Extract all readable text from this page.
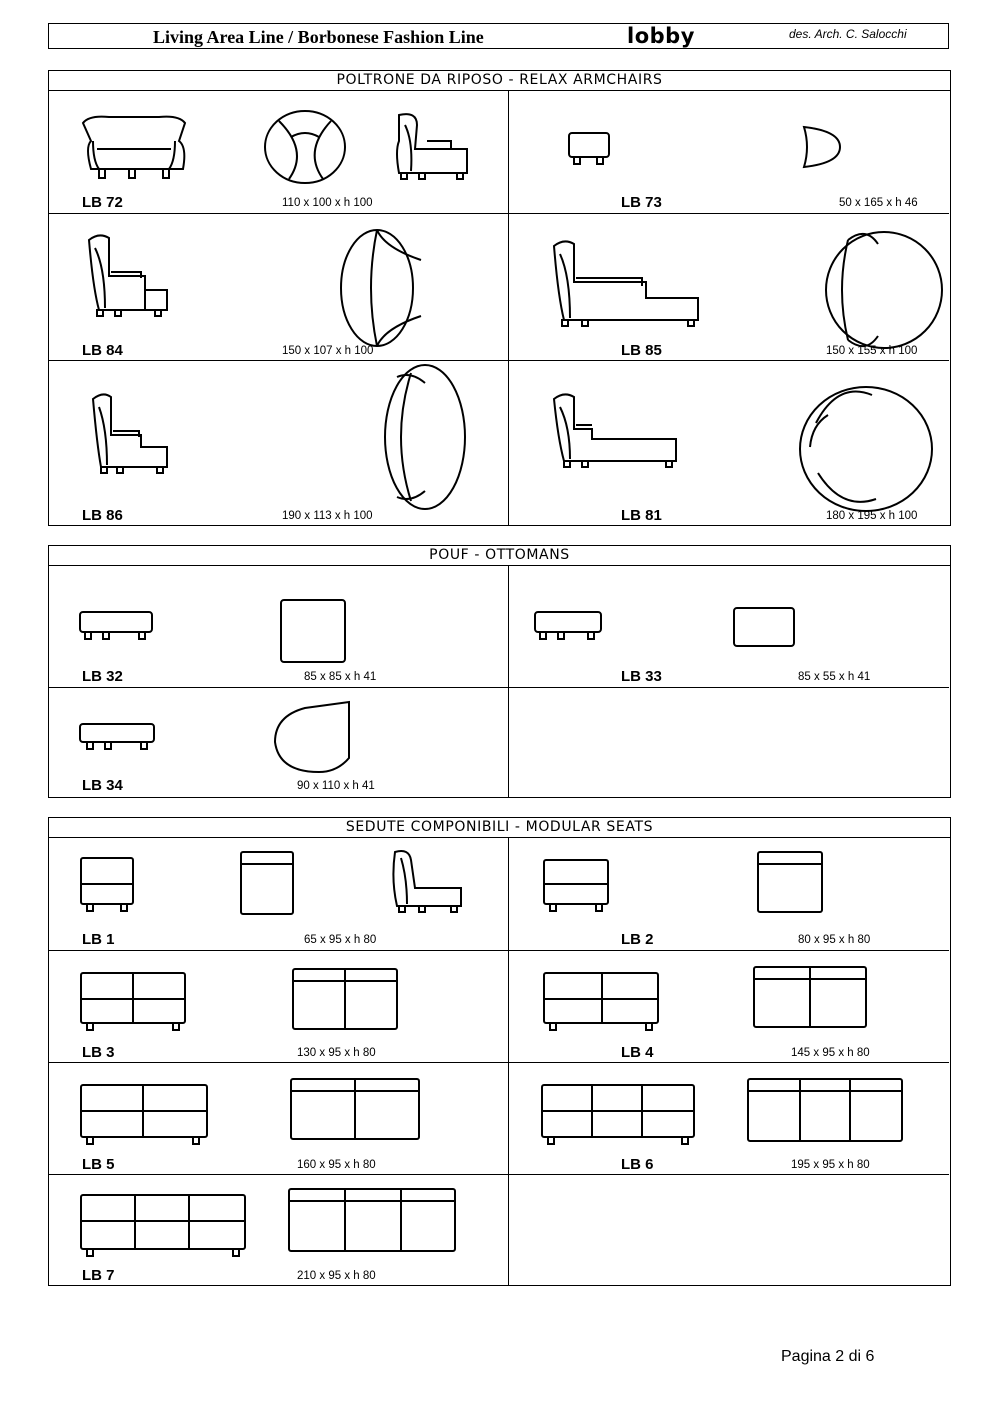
Living Area Line / Borbonese Fashion Line	lobby	des. Arch. C. Salocchi
POLTRONE DA RIPOSO - RELAX ARMCHAIRS
LB 72	110 x 100 x h 100	LB 73	50 x 165 x h 46
LB 84	150 x 107 x h 100	LB 85	150 x 155 x h 100
LB 86	190 x 113 x h 100	LB 81	180 x 195 x h 100
POUF - OTTOMANS
LB 32	85 x 85 x h 41	LB 33	85 x 55 x h 41
LB 34	90 x 110 x h 41
SEDUTE COMPONIBILI - MODULAR SEATS
LB 1	65 x 95 x h 80	LB 2	80 x 95 x h 80
LB 3	130 x 95 x h 80	LB 4	145 x 95 x h 80
LB 5	160 x 95 x h 80	LB 6	195 x 95 x h 80
LB 7	210 x 95 x h 80
Pagina 2 di 6
